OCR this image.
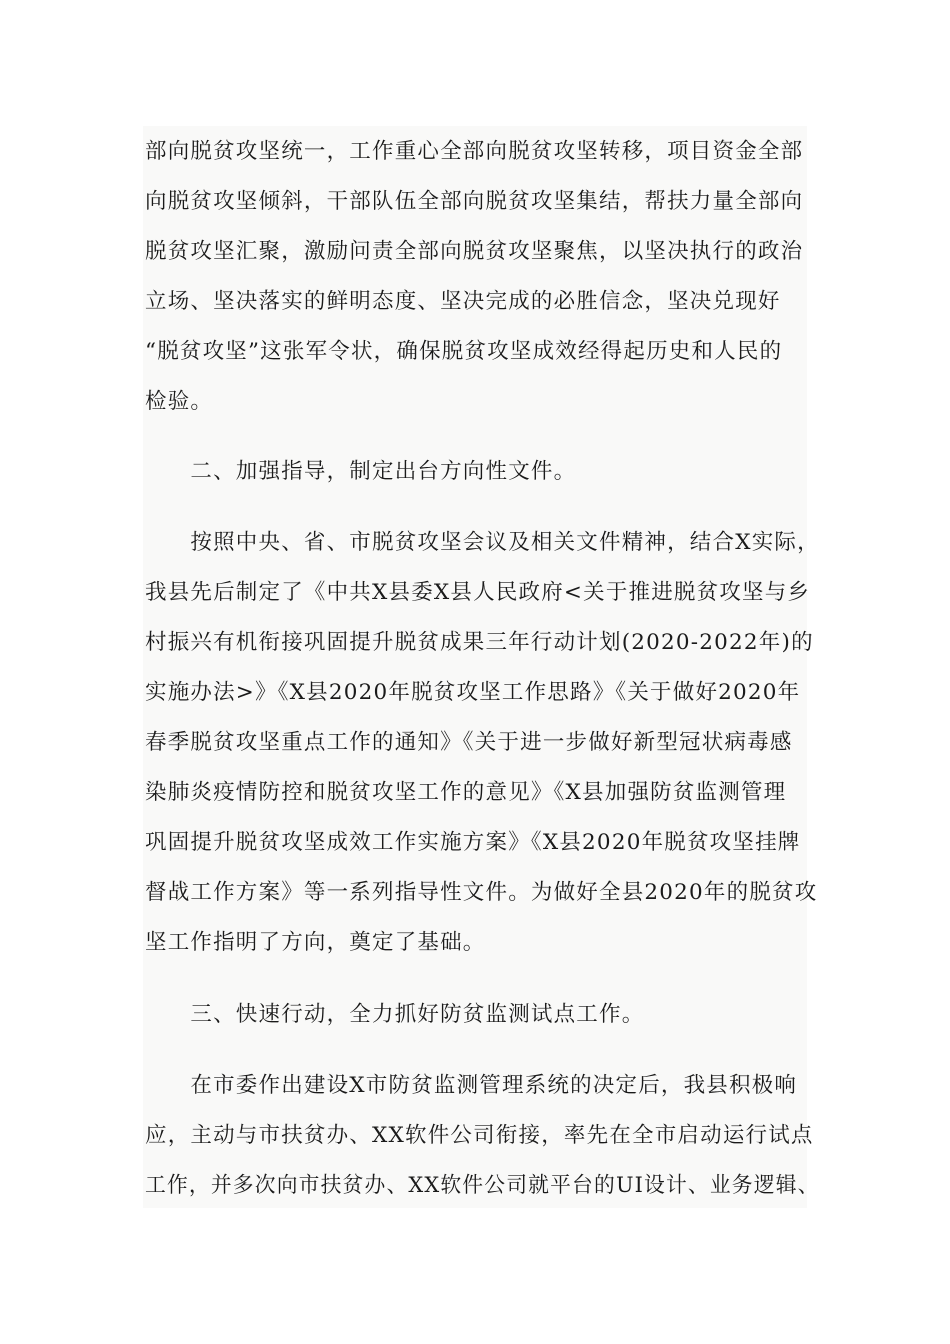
部向脱贫攻坚统一，工作重心全部向脱贫攻坚转移，项目资金全部
向脱贫攻坚倾斜，干部队伍全部向脱贫攻坚集结，帮扶力量全部向
脱贫攻坚汇聚，激励问责全部向脱贫攻坚聚焦，以坚决执行的政治
立场、坚决落实的鲜明态度、坚决完成的必胜信念，坚决兑现好
“脱贫攻坚”这张军令状，确保脱贫攻坚成效经得起历史和人民的
检验。
　　二、加强指导，制定出台方向性文件。
　　按照中央、省、市脱贫攻坚会议及相关文件精神，结合X实际，
我县先后制定了《中共X县委X县人民政府<关于推进脱贫攻坚与乡
村振兴有机衔接巩固提升脱贫成果三年行动计划(2020-2022年)的
实施办法>》《X县2020年脱贫攻坚工作思路》《关于做好2020年
春季脱贫攻坚重点工作的通知》《关于进一步做好新型冠状病毒感
染肺炎疫情防控和脱贫攻坚工作的意见》《X县加强防贫监测管理
巩固提升脱贫攻坚成效工作实施方案》《X县2020年脱贫攻坚挂牌
督战工作方案》等一系列指导性文件。为做好全县2020年的脱贫攻
坚工作指明了方向，奠定了基础。
　　三、快速行动，全力抓好防贫监测试点工作。
　　在市委作出建设X市防贫监测管理系统的决定后，我县积极响
应，主动与市扶贫办、XX软件公司衔接，率先在全市启动运行试点
工作，并多次向市扶贫办、XX软件公司就平台的UI设计、业务逻辑、
